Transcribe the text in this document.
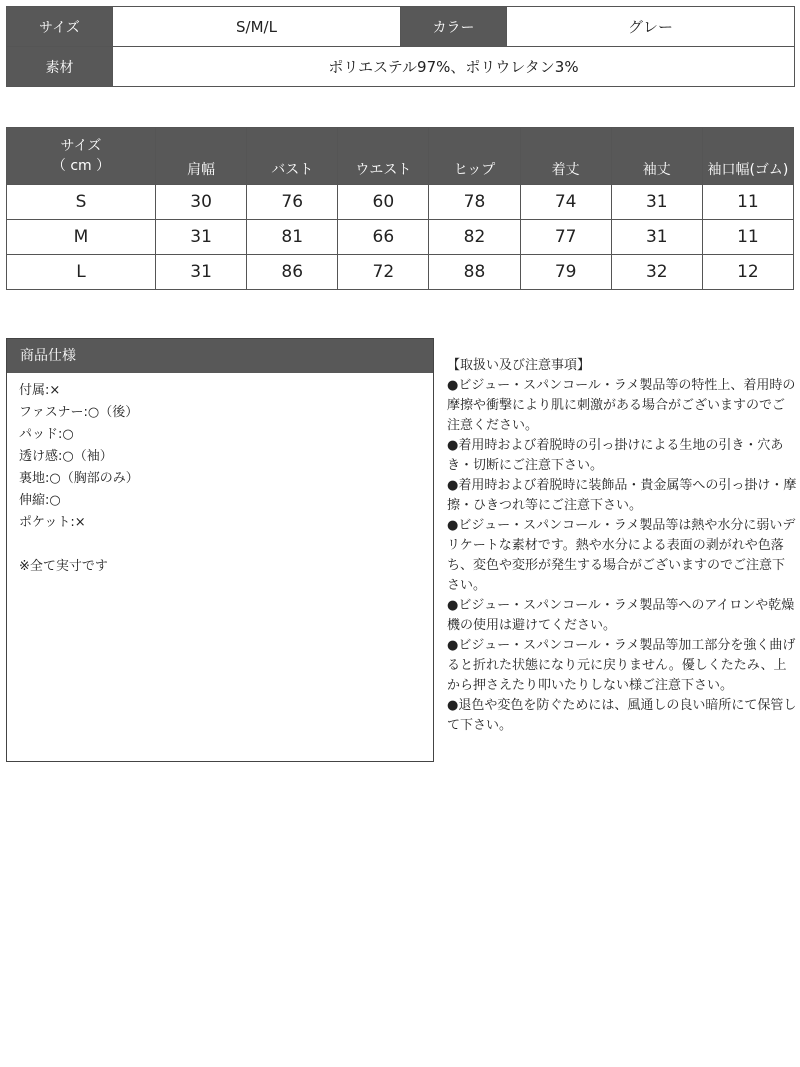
サイズ	S/M/L	カラー	グレー
素材	ポリエステル97%、ポリウレタン3%		
サイズ
（ cm ）	肩幅	バスト	ウエスト	ヒップ	着丈	袖丈	袖口幅(ゴム)
S	30	76	60	78	74	31	11
M	31	81	66	82	77	31	11
L	31	86	72	88	79	32	12
商品仕様
付属:×
ファスナー:○（後）
パッド:○
透け感:○（袖）
裏地:○（胸部のみ）
伸縮:○
ポケット:×
※全て実寸です

【取扱い及び注意事項】

●ビジュー・スパンコール・ラメ製品等の特性上、着用時の摩擦や衝撃により肌に刺激がある場合がございますのでご注意ください。

●着用時および着脱時の引っ掛けによる生地の引き・穴あき・切断にご注意下さい。

●着用時および着脱時に装飾品・貴金属等への引っ掛け・摩擦・ひきつれ等にご注意下さい。

●ビジュー・スパンコール・ラメ製品等は熱や水分に弱いデリケートな素材です。熱や水分による表面の剥がれや色落ち、変色や変形が発生する場合がございますのでご注意下さい。

●ビジュー・スパンコール・ラメ製品等へのアイロンや乾燥機の使用は避けてください。

●ビジュー・スパンコール・ラメ製品等加工部分を強く曲げると折れた状態になり元に戻りません。優しくたたみ、上から押さえたり叩いたりしない様ご注意下さい。

●退色や変色を防ぐためには、風通しの良い暗所にて保管して下さい。
